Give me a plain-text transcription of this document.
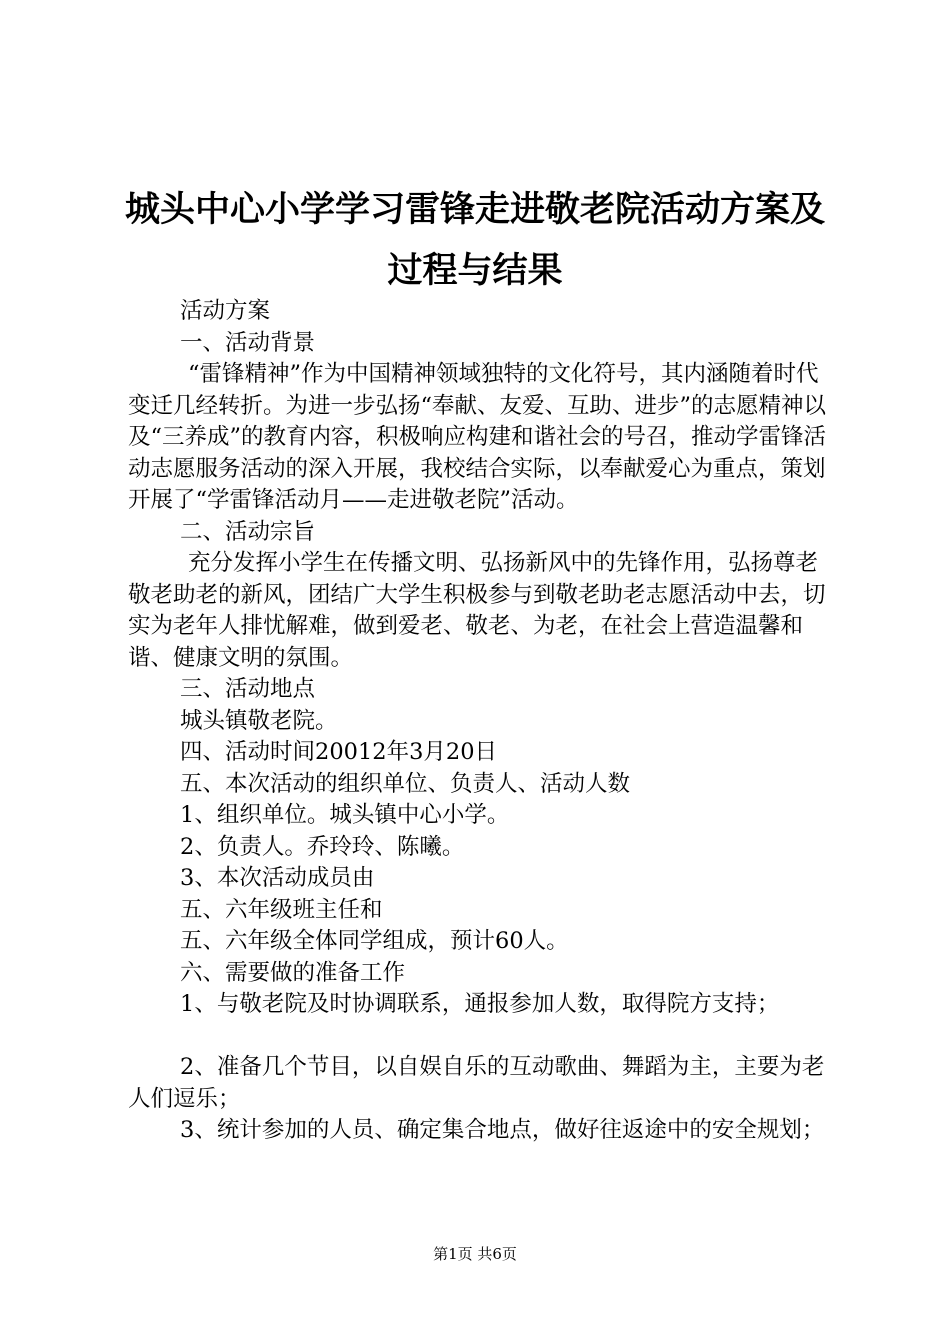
城头中心小学学习雷锋走进敬老院活动方案及
过程与结果

活动方案

一、活动背景

“雷锋精神”作为中国精神领域独特的文化符号，其内涵随着时代变迁几经转折。为进一步弘扬“奉献、友爱、互助、进步”的志愿精神以及“三养成”的教育内容，积极响应构建和谐社会的号召，推动学雷锋活动志愿服务活动的深入开展，我校结合实际，以奉献爱心为重点，策划开展了“学雷锋活动月——走进敬老院”活动。

二、活动宗旨

充分发挥小学生在传播文明、弘扬新风中的先锋作用，弘扬尊老敬老助老的新风，团结广大学生积极参与到敬老助老志愿活动中去，切实为老年人排忧解难，做到爱老、敬老、为老，在社会上营造温馨和谐、健康文明的氛围。

三、活动地点

城头镇敬老院。

四、活动时间20012年3月20日

五、本次活动的组织单位、负责人、活动人数

1、组织单位。城头镇中心小学。

2、负责人。乔玲玲、陈曦。

3、本次活动成员由

五、六年级班主任和

五、六年级全体同学组成，预计60人。

六、需要做的准备工作

1、与敬老院及时协调联系，通报参加人数，取得院方支持；

2、准备几个节目，以自娱自乐的互动歌曲、舞蹈为主，主要为老人们逗乐；

3、统计参加的人员、确定集合地点，做好往返途中的安全规划；

第1页 共6页
